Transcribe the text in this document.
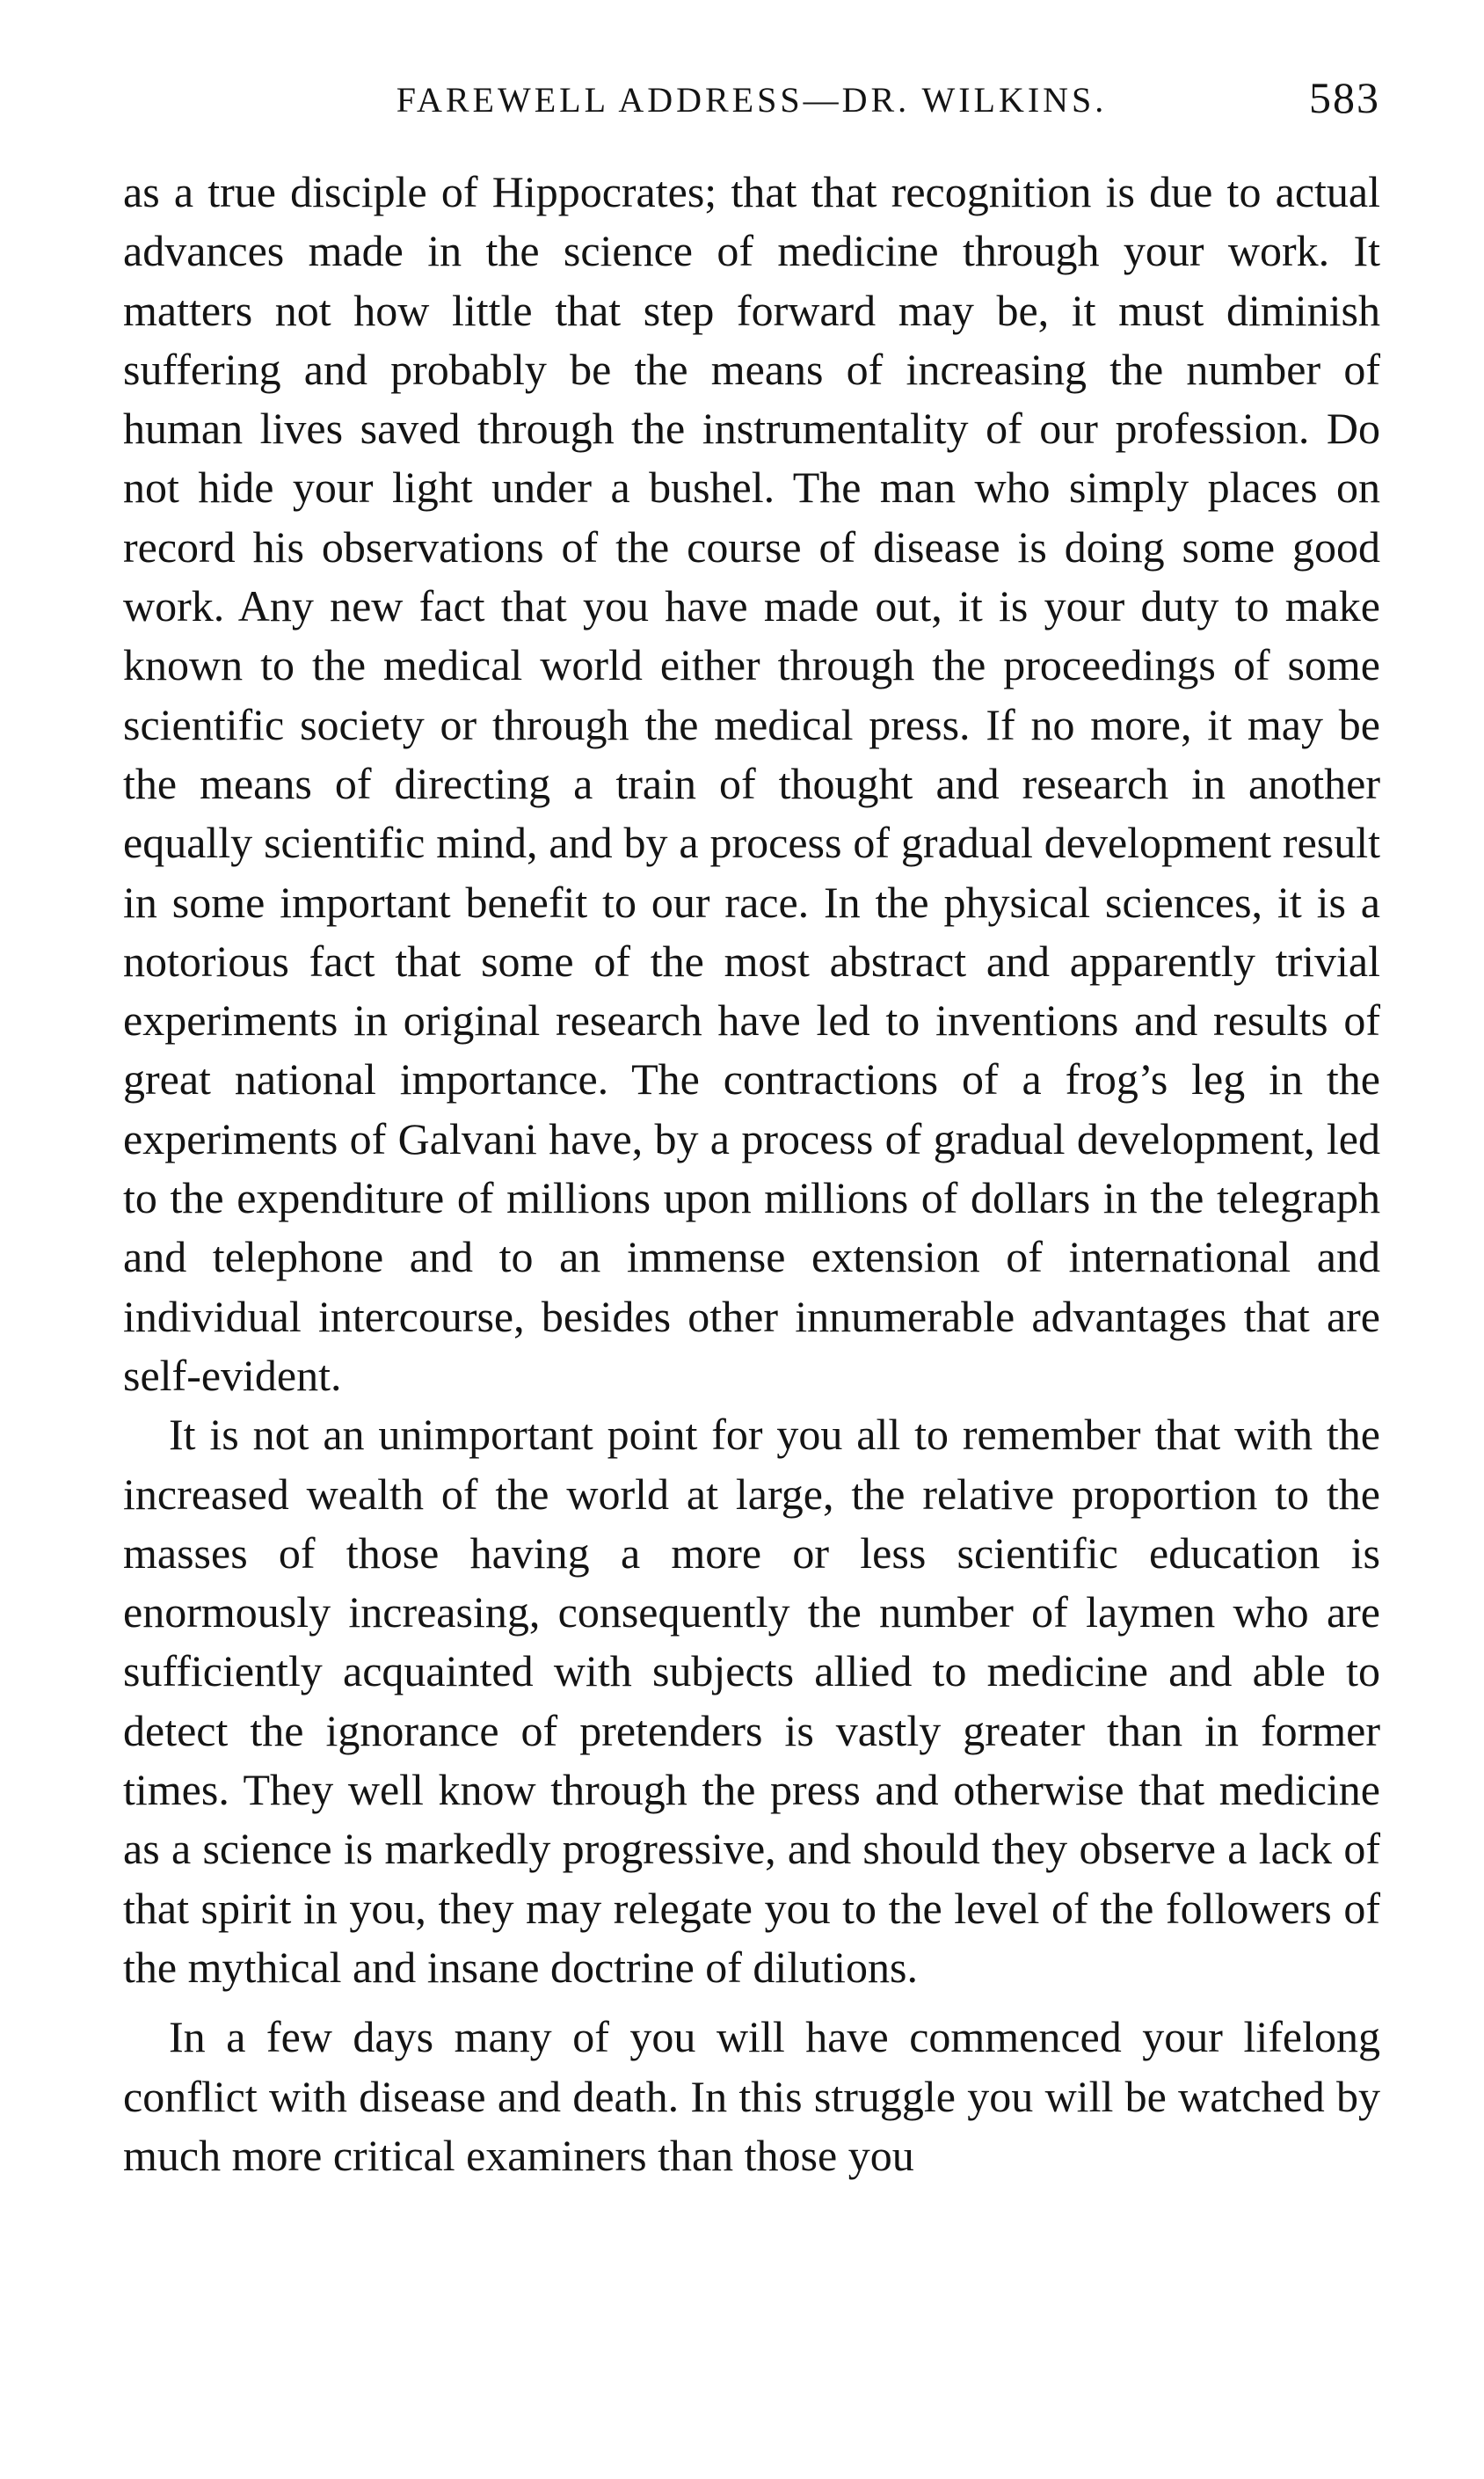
FAREWELL ADDRESS—DR. WILKINS.	583

as a true disciple of Hippocrates; that that recognition is due to actual advances made in the science of medicine through your work. It matters not how little that step forward may be, it must diminish suffering and probably be the means of increasing the number of human lives saved through the instrumentality of our profession. Do not hide your light under a bushel. The man who simply places on record his observations of the course of disease is doing some good work. Any new fact that you have made out, it is your duty to make known to the medical world either through the proceedings of some scientific society or through the medical press. If no more, it may be the means of directing a train of thought and research in another equally scientific mind, and by a process of gradual development result in some important benefit to our race. In the physical sciences, it is a notorious fact that some of the most abstract and apparently trivial experiments in original research have led to inventions and results of great national importance. The contractions of a frog’s leg in the experiments of Galvani have, by a process of gradual development, led to the expenditure of millions upon millions of dollars in the telegraph and telephone and to an immense extension of international and individual intercourse, besides other innumerable advantages that are self-evident.

It is not an unimportant point for you all to remember that with the increased wealth of the world at large, the relative proportion to the masses of those having a more or less scientific education is enormously increasing, consequently the number of laymen who are sufficiently acquainted with subjects allied to medicine and able to detect the ignorance of pretenders is vastly greater than in former times. They well know through the press and otherwise that medicine as a science is markedly progressive, and should they observe a lack of that spirit in you, they may relegate you to the level of the followers of the mythical and insane doctrine of dilutions.

In a few days many of you will have commenced your lifelong conflict with disease and death. In this struggle you will be watched by much more critical examiners than those you
